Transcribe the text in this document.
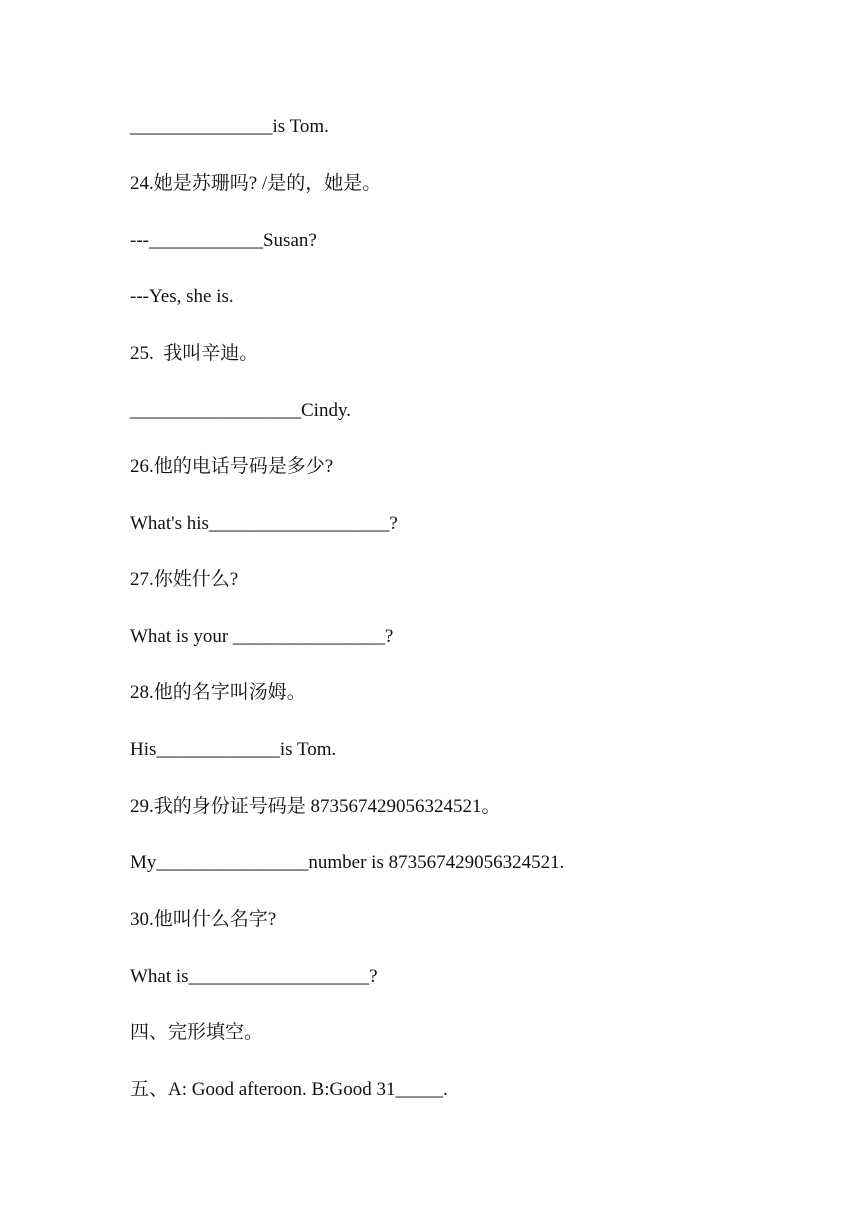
_______________is Tom.
24.她是苏珊吗? /是的，她是。
---____________Susan?
---Yes, she is.
25.  我叫辛迪。
__________________Cindy.
26.他的电话号码是多少?
What's his___________________?
27.你姓什么?
What is your ________________?
28.他的名字叫汤姆。
His_____________is Tom.
29.我的身份证号码是 873567429056324521。
My________________number is 873567429056324521.
30.他叫什么名字?
What is___________________?
四、完形填空。
五、A: Good afteroon. B:Good 31_____.
